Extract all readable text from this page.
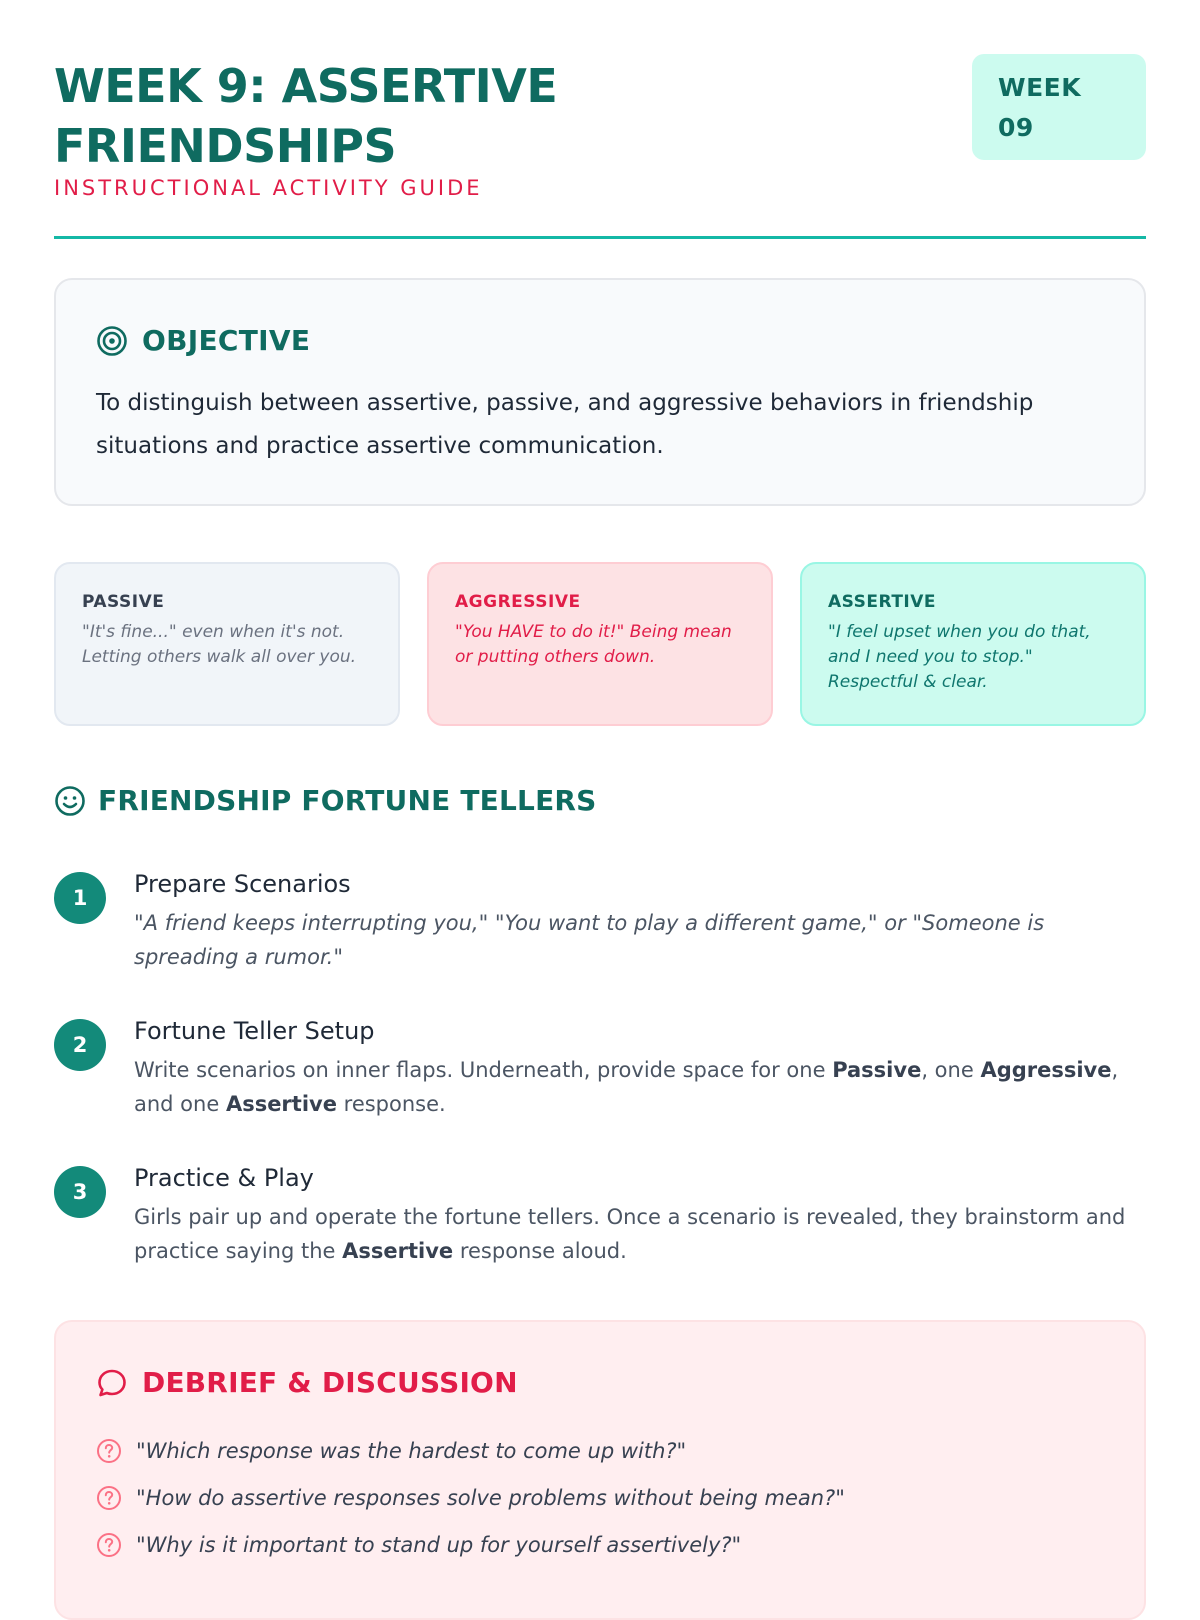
WEEK 9: ASSERTIVE FRIENDSHIPS
INSTRUCTIONAL ACTIVITY GUIDE
WEEK
09
OBJECTIVE
To distinguish between assertive, passive, and aggressive behaviors in friendship situations and practice assertive communication.
PASSIVE
"It's fine..." even when it's not. Letting others walk all over you.
AGGRESSIVE
"You HAVE to do it!" Being mean or putting others down.
ASSERTIVE
"I feel upset when you do that, and I need you to stop." Respectful & clear.
FRIENDSHIP FORTUNE TELLERS
1	Prepare Scenarios
"A friend keeps interrupting you," "You want to play a different game," or "Someone is spreading a rumor."
2	Fortune Teller Setup
Write scenarios on inner flaps. Underneath, provide space for one Passive, one Aggressive, and one Assertive response.
3	Practice & Play
Girls pair up and operate the fortune tellers. Once a scenario is revealed, they brainstorm and practice saying the Assertive response aloud.
DEBRIEF & DISCUSSION
"Which response was the hardest to come up with?"
"How do assertive responses solve problems without being mean?"
"Why is it important to stand up for yourself assertively?"
